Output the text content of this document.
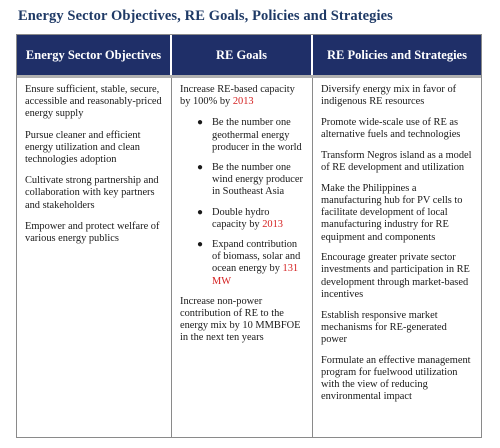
Energy Sector Objectives, RE Goals, Policies and Strategies
Energy Sector Objectives	RE Goals	RE Policies and Strategies

Ensure sufficient, stable, secure, accessible and reasonably-priced energy supply

Pursue cleaner and efficient energy utilization and clean technologies adoption

Cultivate strong partnership and collaboration with key partners and stakeholders

Empower and protect welfare of various energy publics

Increase RE-based capacity by 100% by 2013

● Be the number one geothermal energy producer in the world
● Be the number one wind energy producer in Southeast Asia
● Double hydro capacity by 2013
● Expand contribution of biomass, solar and ocean energy by 131 MW

Increase non-power contribution of RE to the energy mix by 10 MMBFOE in the next ten years

Diversify energy mix in favor of indigenous RE resources

Promote wide-scale use of RE as alternative fuels and technologies

Transform Negros island as a model of RE development and utilization

Make the Philippines a manufacturing hub for PV cells to facilitate development of local manufacturing industry for RE equipment and components

Encourage greater private sector investments and participation in RE development through market-based incentives

Establish responsive market mechanisms for RE-generated power

Formulate an effective management program for fuelwood utilization with the view of reducing environmental impact
